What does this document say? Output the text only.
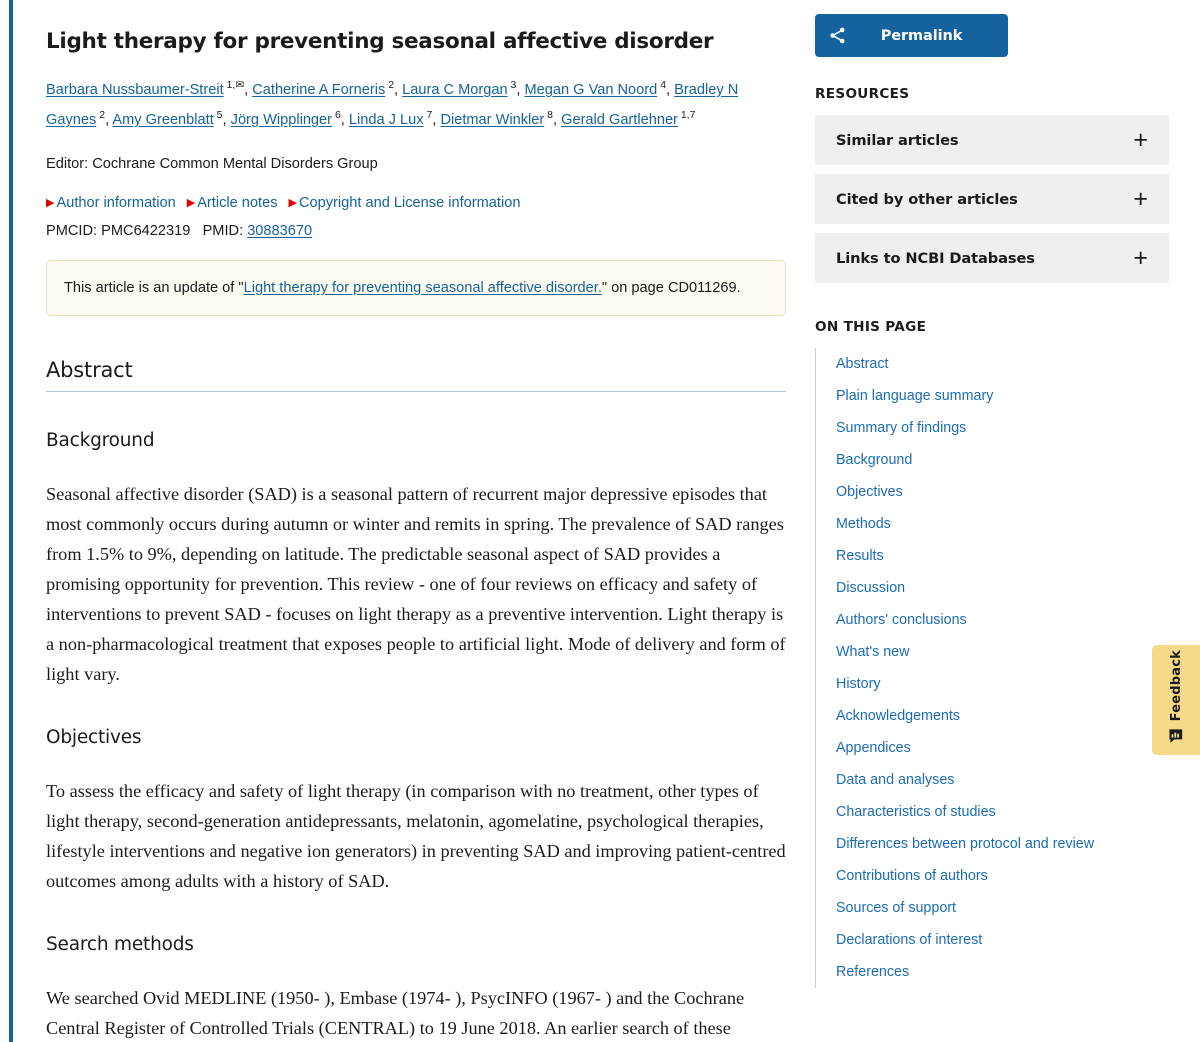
Light therapy for preventing seasonal affective disorder
Barbara Nussbaumer-Streit $^{1,✉}$, Catherine A Forneris $^2$, Laura C Morgan $^3$, Megan G Van Noord $^4$, Bradley N Gaynes $^2$, Amy Greenblatt $^5$, Jörg Wipplinger $^6$, Linda J Lux $^7$, Dietmar Winkler $^8$, Gerald Gartlehner $^{1,7}$
Editor: Cochrane Common Mental Disorders Group
▶ Author information ▶ Article notes ▶ Copyright and License information
PMCID: PMC6422319 PMID: 30883670
This article is an update of "Light therapy for preventing seasonal affective disorder." on page CD011269.
Abstract
Background

Seasonal affective disorder (SAD) is a seasonal pattern of recurrent major depressive episodes that most commonly occurs during autumn or winter and remits in spring. The prevalence of SAD ranges from 1.5% to 9%, depending on latitude. The predictable seasonal aspect of SAD provides a promising opportunity for prevention. This review - one of four reviews on efficacy and safety of interventions to prevent SAD - focuses on light therapy as a preventive intervention. Light therapy is a non-pharmacological treatment that exposes people to artificial light. Mode of delivery and form of light vary.

Objectives

To assess the efficacy and safety of light therapy (in comparison with no treatment, other types of light therapy, second-generation antidepressants, melatonin, agomelatine, psychological therapies, lifestyle interventions and negative ion generators) in preventing SAD and improving patient-centred outcomes among adults with a history of SAD.

Search methods

We searched Ovid MEDLINE (1950- ), Embase (1974- ), PsycINFO (1967- ) and the Cochrane Central Register of Controlled Trials (CENTRAL) to 19 June 2018. An earlier search of these

Permalink
RESOURCES
Similar articles	+
Cited by other articles	+
Links to NCBI Databases	+
ON THIS PAGE
Abstract
Plain language summary
Summary of findings
Background
Objectives
Methods
Results
Discussion
Authors' conclusions
What's new
History
Acknowledgements
Appendices
Data and analyses
Characteristics of studies
Differences between protocol and review
Contributions of authors
Sources of support
Declarations of interest
References
Feedback
